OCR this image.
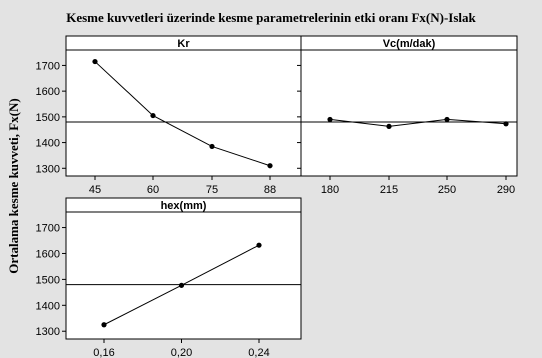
Kesme kuvvetleri üzerinde kesme parametrelerinin etki oranı Fx(N)-Islak
Ortalama kesme kuvveti, Fx(N)
Kr
1300
1400
1500
1600
1700
45	60	75	88
Vc(m/dak)
180	215	250	290
hex(mm)
1300
1400
1500
1600
1700
0,16	0,20	0,24
